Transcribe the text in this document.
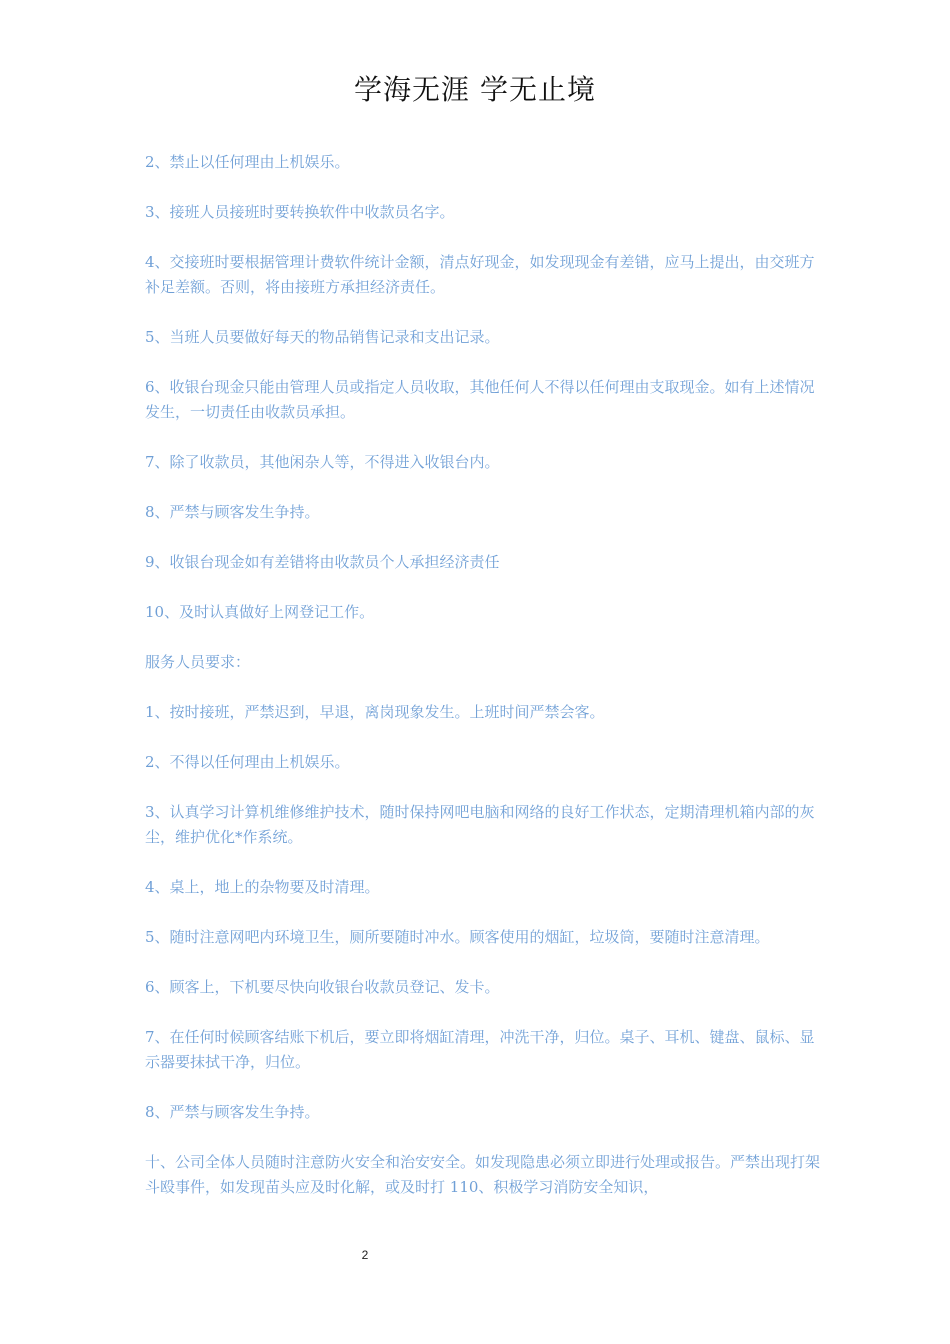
学海无涯 学无止境

2、禁止以任何理由上机娱乐。

3、接班人员接班时要转换软件中收款员名字。

4、交接班时要根据管理计费软件统计金额，清点好现金，如发现现金有差错，应马上提出，由交班方补足差额。否则，将由接班方承担经济责任。

5、当班人员要做好每天的物品销售记录和支出记录。

6、收银台现金只能由管理人员或指定人员收取，其他任何人不得以任何理由支取现金。如有上述情况发生，一切责任由收款员承担。

7、除了收款员，其他闲杂人等，不得进入收银台内。

8、严禁与顾客发生争持。

9、收银台现金如有差错将由收款员个人承担经济责任

10、及时认真做好上网登记工作。

服务人员要求：

1、按时接班，严禁迟到，早退，离岗现象发生。上班时间严禁会客。

2、不得以任何理由上机娱乐。

3、认真学习计算机维修维护技术，随时保持网吧电脑和网络的良好工作状态，定期清理机箱内部的灰尘，维护优化*作系统。

4、桌上，地上的杂物要及时清理。

5、随时注意网吧内环境卫生，厕所要随时冲水。顾客使用的烟缸，垃圾筒，要随时注意清理。

6、顾客上，下机要尽快向收银台收款员登记、发卡。

7、在任何时候顾客结账下机后，要立即将烟缸清理，冲洗干净，归位。桌子、耳机、键盘、鼠标、显示器要抹拭干净，归位。

8、严禁与顾客发生争持。

十、公司全体人员随时注意防火安全和治安安全。如发现隐患必须立即进行处理或报告。严禁出现打架斗殴事件，如发现苗头应及时化解，或及时打 110、积极学习消防安全知识，

2
